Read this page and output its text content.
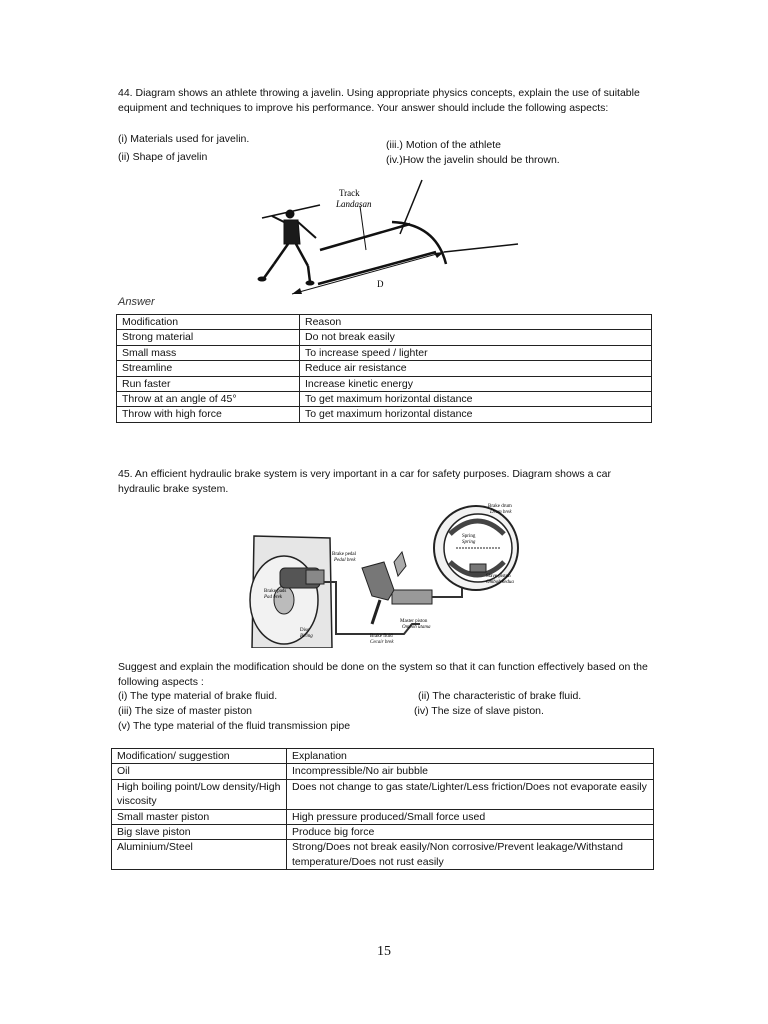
44. Diagram shows an athlete throwing a javelin. Using appropriate physics concepts, explain the use of suitable equipment and techniques to improve his performance. Your answer should include the following aspects:
(i) Materials used for javelin.
(ii) Shape of javelin
(iii.) Motion of the athlete
(iv.)How the javelin should be thrown.
Track
Landasan
D
Answer
Modification	Reason
Strong material	Do not break easily
Small mass	To increase speed / lighter
Streamline	Reduce air resistance
Run faster	Increase kinetic energy
Throw at an angle of 45°	To get maximum horizontal distance
Throw with high force	To get maximum horizontal distance
45. An efficient hydraulic brake system is very important in a car for safety purposes. Diagram shows a car hydraulic brake system.
Brake drum
Dram brek
Spring
Spring
Brake pedal
Pedal brek
Slave piston
Omboh kedua
Brake pads
Pad brek
Master piston
Omboh utama
Brake fluid
Cecair brek
Disc
Piring
Suggest and explain the modification should be done on the system so that it can function effectively based on the following aspects :
(i) The type material of brake fluid.	(ii) The characteristic of brake fluid.
(iii) The size of master piston	(iv) The size of slave piston.
(v) The type material of the fluid transmission pipe
Modification/ suggestion	Explanation
Oil	Incompressible/No air bubble
High boiling point/Low density/High viscosity	Does not change to gas state/Lighter/Less friction/Does not evaporate easily
Small master piston	High pressure produced/Small force used
Big slave piston	Produce big force
Aluminium/Steel	Strong/Does not break easily/Non corrosive/Prevent leakage/Withstand temperature/Does not rust easily
15
